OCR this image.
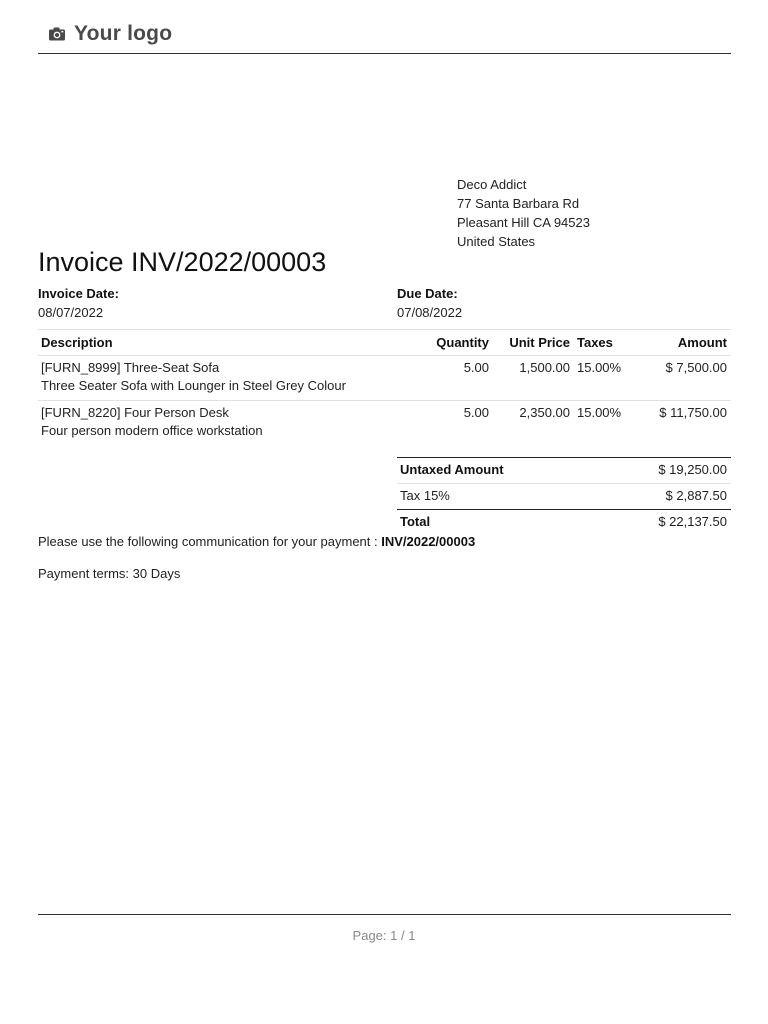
Your logo
Deco Addict
77 Santa Barbara Rd
Pleasant Hill CA 94523
United States
Invoice INV/2022/00003
Invoice Date:
08/07/2022
Due Date:
07/08/2022
Description	Quantity Unit Price Taxes	Amount
[FURN_8999] Three-Seat Sofa
Three Seater Sofa with Lounger in Steel Grey Colour
5.00 1,500.00 15.00%	$ 7,500.00
[FURN_8220] Four Person Desk
Four person modern office workstation
5.00 2,350.00 15.00%	$ 11,750.00
Untaxed Amount	$ 19,250.00
Tax 15%	$ 2,887.50
Total	$ 22,137.50
Please use the following communication for your payment : INV/2022/00003
Payment terms: 30 Days
Page: 1 / 1
